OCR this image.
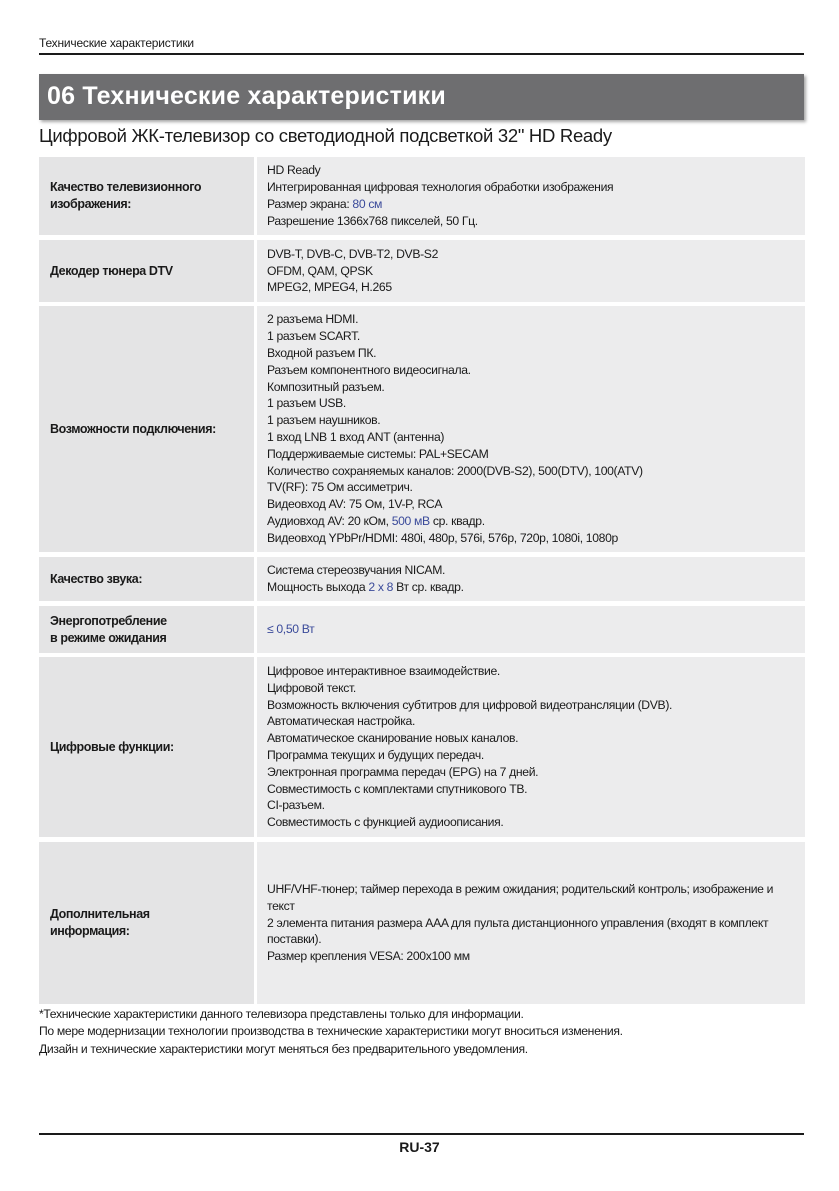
Технические характеристики
06 Технические характеристики
Цифровой ЖК-телевизор со светодиодной подсветкой 32" HD Ready
Качество телевизионного
изображения:
HD Ready
Интегрированная цифровая технология обработки изображения
Размер экрана: 80 см
Разрешение 1366x768 пикселей, 50 Гц.
Декодер тюнера DTV
DVB-T, DVB-C, DVB-T2, DVB-S2
OFDM, QAM, QPSK
MPEG2, MPEG4, H.265
Возможности подключения:
2 разъема HDMI.
1 разъем SCART.
Входной разъем ПК.
Разъем компонентного видеосигнала.
Композитный разъем.
1 разъем USB.
1 разъем наушников.
1 вход LNB 1 вход ANT (антенна)
Поддерживаемые системы: PAL+SECAM
Количество сохраняемых каналов: 2000(DVB-S2), 500(DTV), 100(ATV)
TV(RF): 75 Ом ассиметрич.
Видеовход AV: 75 Ом, 1V-P, RCA
Аудиовход AV: 20 кОм, 500 мВ ср. квадр.
Видеовход YPbPr/HDMI: 480i, 480p, 576i, 576p, 720p, 1080i, 1080p
Качество звука:
Система стереозвучания NICAM.
Мощность выхода 2 x 8 Вт ср. квадр.
Энергопотребление
в режиме ожидания
≤ 0,50 Вт
Цифровые функции:
Цифровое интерактивное взаимодействие.
Цифровой текст.
Возможность включения субтитров для цифровой видеотрансляции (DVB).
Автоматическая настройка.
Автоматическое сканирование новых каналов.
Программа текущих и будущих передач.
Электронная программа передач (EPG) на 7 дней.
Совместимость с комплектами спутникового ТВ.
CI-разъем.
Совместимость с функцией аудиоописания.
Дополнительная
информация:
UHF/VHF-тюнер; таймер перехода в режим ожидания; родительский контроль; изображение и текст
2 элемента питания размера AAA для пульта дистанционного управления (входят в комплект поставки).
Размер крепления VESA: 200x100 мм
*Технические характеристики данного телевизора представлены только для информации.
По мере модернизации технологии производства в технические характеристики могут вноситься изменения.
Дизайн и технические характеристики могут меняться без предварительного уведомления.
RU-37
